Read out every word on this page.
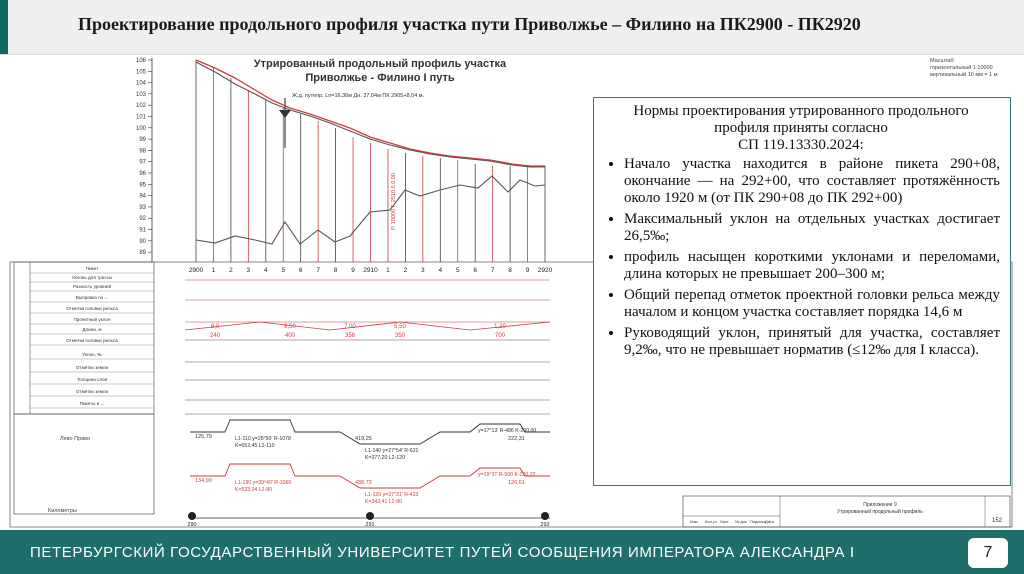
Проектирование продольного профиля участка пути Приволжье – Филино на ПК2900 - ПК2920
106
105
104
103
102
101
100
99
98
97
96
95
94
93
92
91
90
89
Утрированный продольный профиль участка
Приволжье - Филино I путь
Масштаб:
горизонтальный 1:10000
вертикальный 10 мм = 1 м
Ж.д. путепр. Lп=16,36м Дн. 37,04м ПК 2905+8,04 м.
Р. 10000 Г. 2510.5 0.00
2900 1 2 3 4 5 6 7 8 9 2910 1 2 3 4 5 6 7 8 9 2920
Пикет
Уклонь для трассы
Разность уровней
Выправка по ...
Отметка головки рельса
Проектный уклон
Длина, м
Отметки головки рельса
Уклон, ‰
Отметки земли
Толщина слоя
Отметки земли
Пикеты и ...
Лево Право
Километры
8,0	8,50	7,00	5,50	1,20
240	400	356	350	700
L1-110 y=28°50' R-1078
K=652,45 L2-110
L1-140 y=27°54' R-631
K=377,20 L2-120
L1-190 y=39°40' R-1060
K=533,04 L2-80
L1-120 y=27°31' R-433
K=343,41 L2-80
y=17°13' R-486 K-200,00
y=19°3T R-500 K-220,22
125,79	419,25	222,31
134,90	438,72	126,61
290	291	292
Приложение 9
Утрированный продольный профиль
152
Изм Кол.уч Лист № док Подпись Дата
Нормы проектирования утрированного продольного
профиля приняты согласно
СП 119.13330.2024:
• Начало участка находится в районе пикета 290+08, окончание — на 292+00, что составляет протяжённость около 1920 м (от ПК 290+08 до ПК 292+00)
• Максимальный уклон на отдельных участках достигает 26,5‰;
• профиль насыщен короткими уклонами и переломами, длина которых не превышает 200–300 м;
• Общий перепад отметок проектной головки рельса между началом и концом участка составляет порядка 14,6 м
• Руководящий уклон, принятый для участка, составляет 9,2‰, что не превышает норматив (≤12‰ для I класса).
ПЕТЕРБУРГСКИЙ ГОСУДАРСТВЕННЫЙ УНИВЕРСИТЕТ ПУТЕЙ СООБЩЕНИЯ ИМПЕРАТОРА АЛЕКСАНДРА I	7
